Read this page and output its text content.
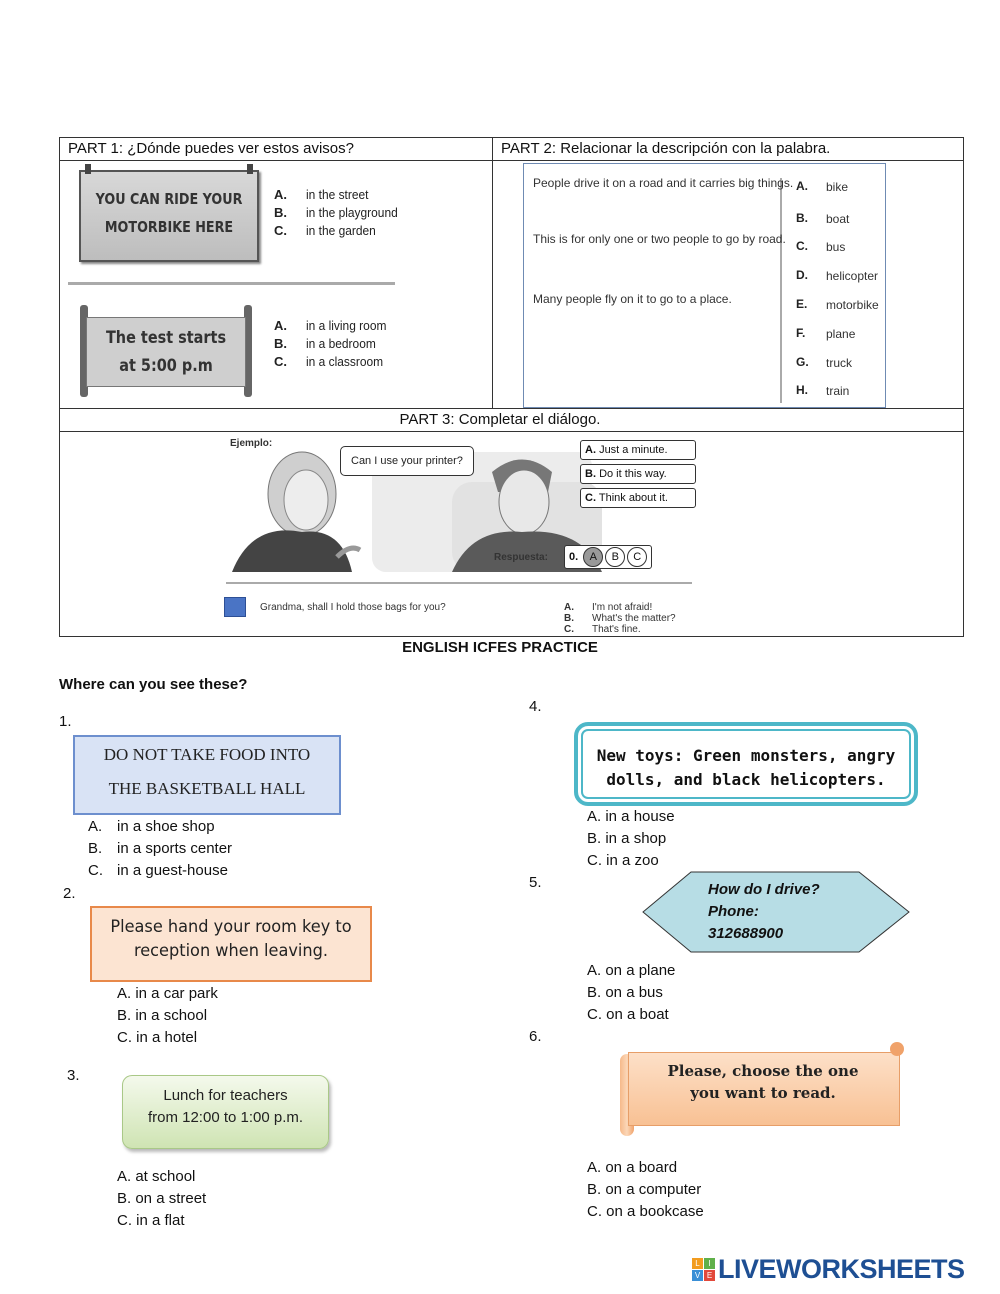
PART 1: ¿Dónde puedes ver estos avisos?	PART 2: Relacionar la descripción con la palabra.
PART 3: Completar el diálogo.
YOU CAN RIDE YOUR
MOTORBIKE HERE
A. in the street
B. in the playground
C. in the garden
The test starts
at 5:00 p.m
A. in a living room
B. in a bedroom
C. in a classroom
People drive it on a road and it carries big things.
This is for only one or two people to go by road.
Many people fly on it to go to a place.
A. bike
B. boat
C. bus
D. helicopter
E. motorbike
F. plane
G. truck
H. train
Ejemplo:
Can I use your printer?
A. Just a minute.
B. Do it this way.
C. Think about it.
Respuesta:	0. A B C
Grandma, shall I hold those bags for you?	A. I'm not afraid!
B. What's the matter?
C. That's fine.
ENGLISH ICFES PRACTICE
Where can you see these?
1.
DO NOT TAKE FOOD INTO
THE BASKETBALL HALL
A. in a shoe shop
B. in a sports center
C. in a guest-house
2.
Please hand your room key to
reception when leaving.
A. in a car park
B. in a school
C. in a hotel
3.
Lunch for teachers
from 12:00 to 1:00 p.m.
A. at school
B. on a street
C. in a flat
4.
New toys: Green monsters, angry
dolls, and black helicopters.
A. in a house
B. in a shop
C. in a zoo
5.	How do I drive?
Phone:
312688900
A. on a plane
B. on a bus
C. on a boat
6.
Please, choose the one
you want to read.
A. on a board
B. on a computer
C. on a bookcase
L	I
V E LIVEWORKSHEETS
